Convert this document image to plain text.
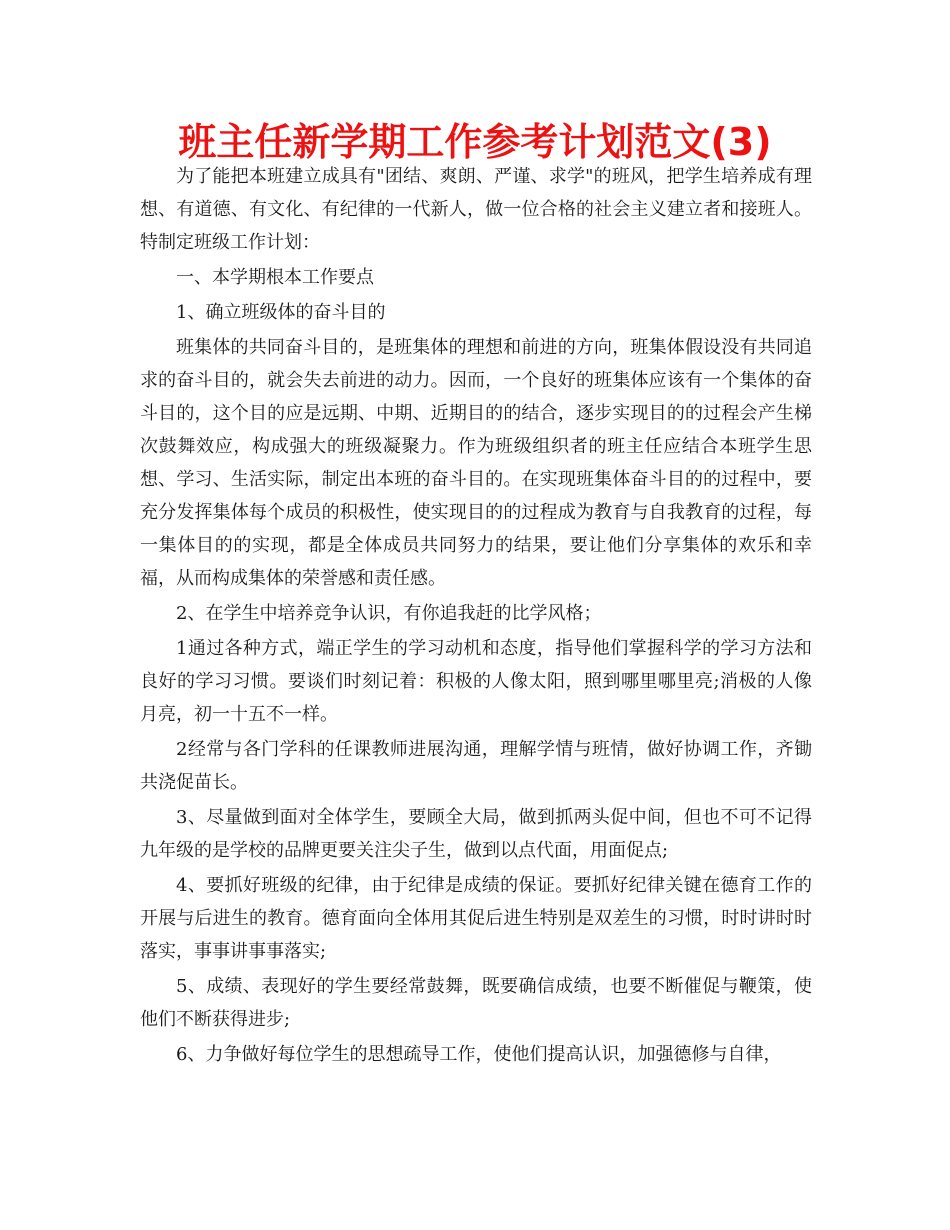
班主任新学期工作参考计划范文(3)

为了能把本班建立成具有"团结、爽朗、严谨、求学"的班风，把学生培养成有理想、有道德、有文化、有纪律的一代新人，做一位合格的社会主义建立者和接班人。特制定班级工作计划：

一、本学期根本工作要点

1、确立班级体的奋斗目的

班集体的共同奋斗目的，是班集体的理想和前进的方向，班集体假设没有共同追求的奋斗目的，就会失去前进的动力。因而，一个良好的班集体应该有一个集体的奋斗目的，这个目的应是远期、中期、近期目的的结合，逐步实现目的的过程会产生梯次鼓舞效应，构成强大的班级凝聚力。作为班级组织者的班主任应结合本班学生思想、学习、生活实际，制定出本班的奋斗目的。在实现班集体奋斗目的的过程中，要充分发挥集体每个成员的积极性，使实现目的的过程成为教育与自我教育的过程，每一集体目的的实现，都是全体成员共同努力的结果，要让他们分享集体的欢乐和幸福，从而构成集体的荣誉感和责任感。

2、在学生中培养竞争认识，有你追我赶的比学风格；

1通过各种方式，端正学生的学习动机和态度，指导他们掌握科学的学习方法和良好的学习习惯。要谈们时刻记着：积极的人像太阳，照到哪里哪里亮;消极的人像月亮，初一十五不一样。

2经常与各门学科的任课教师进展沟通，理解学情与班情，做好协调工作，齐锄共浇促苗长。

3、尽量做到面对全体学生，要顾全大局，做到抓两头促中间，但也不可不记得九年级的是学校的品牌更要关注尖子生，做到以点代面，用面促点;

4、要抓好班级的纪律，由于纪律是成绩的保证。要抓好纪律关键在德育工作的开展与后进生的教育。德育面向全体用其促后进生特别是双差生的习惯，时时讲时时落实，事事讲事事落实;

5、成绩、表现好的学生要经常鼓舞，既要确信成绩，也要不断催促与鞭策，使他们不断获得进步;

6、力争做好每位学生的思想疏导工作，使他们提高认识，加强德修与自律，
